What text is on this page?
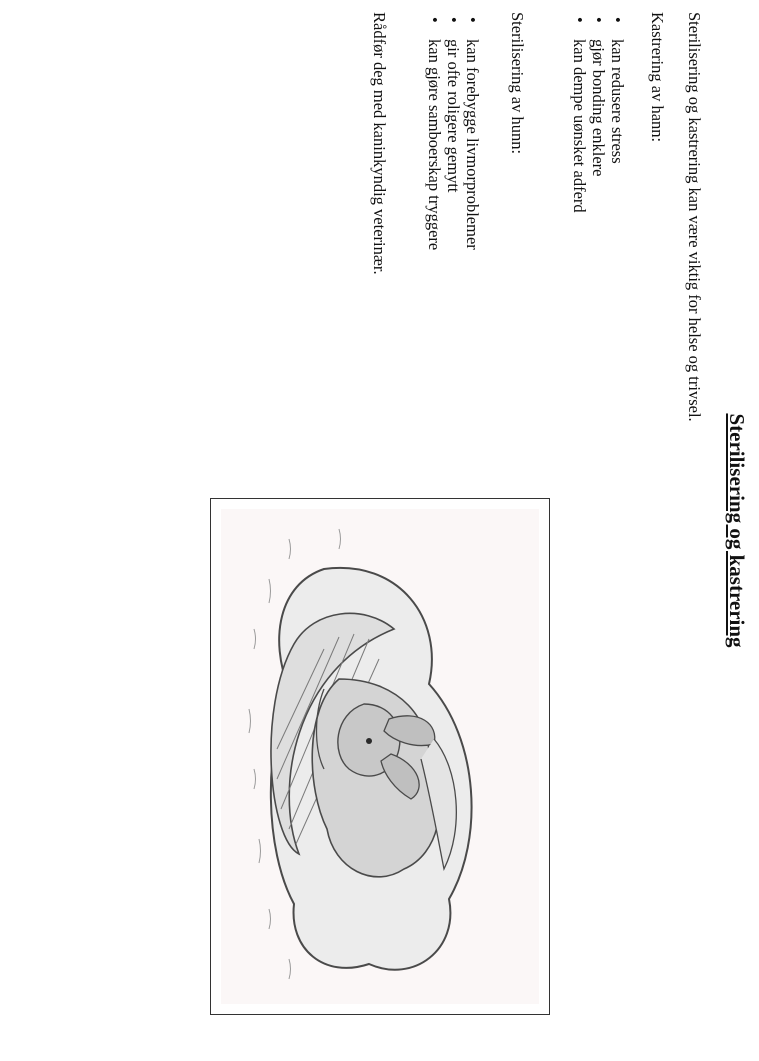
Sterilisering og kastrering

Sterilisering og kastrering kan være viktig for helse og trivsel.

Kastrering av hann:

• kan redusere stress
• gjør bonding enklere
• kan dempe uønsket adferd

Sterilisering av hunn:

• kan forebygge livmorproblemer
• gir ofte roligere gemytt
• kan gjøre samboerskap tryggere

Rådfør deg med kaninkyndig veterinær.
